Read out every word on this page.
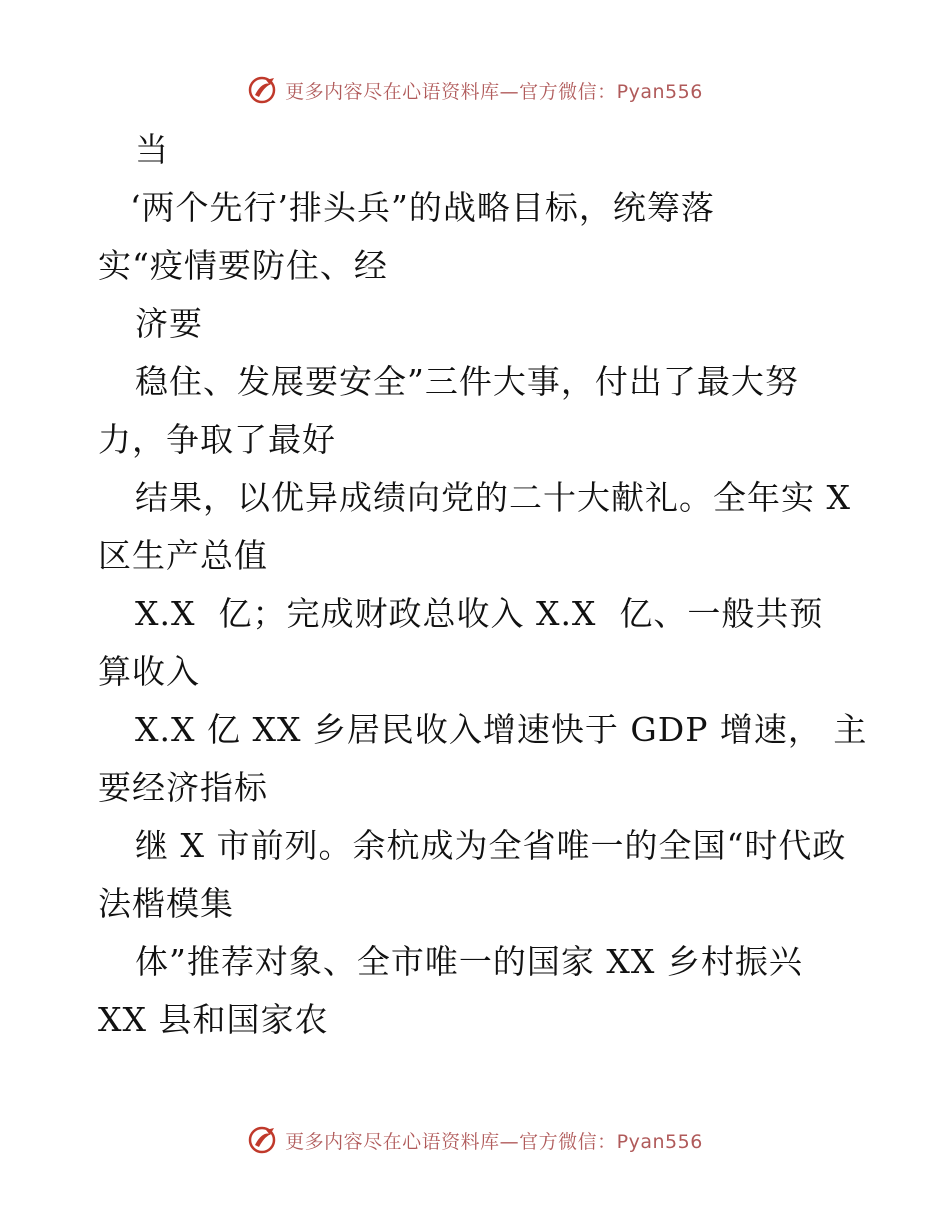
更多内容尽在心语资料库—官方微信：Pyan556
当
‘两个先行’排头兵”的战略目标，统筹落
实“疫情要防住、经
济要
稳住、发展要安全”三件大事，付出了最大努
力，争取了最好
结果，以优异成绩向党的二十大献礼。全年实 X
区生产总值
X.X  亿；完成财政总收入 X.X  亿、一般共预
算收入
X.X 亿 XX 乡居民收入增速快于 GDP 增速， 主
要经济指标
继 X 市前列。余杭成为全省唯一的全国“时代政
法楷模集
体”推荐对象、全市唯一的国家 XX 乡村振兴
XX 县和国家农
更多内容尽在心语资料库—官方微信：Pyan556
